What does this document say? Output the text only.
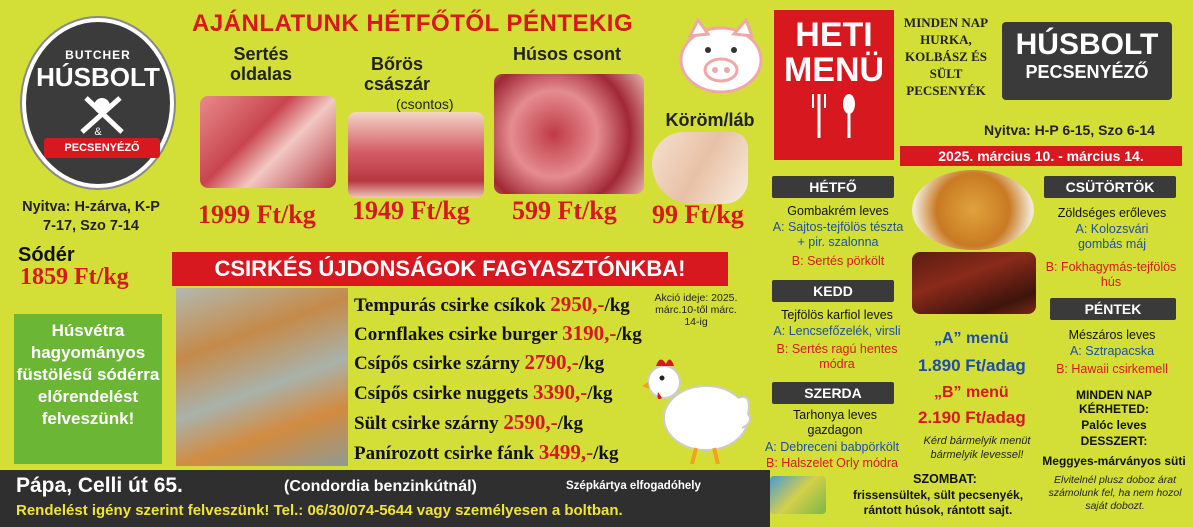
BUTCHER
HÚSBOLT
&
PECSENYÉZŐ
AJÁNLATUNK HÉTFŐTŐL PÉNTEKIG
Sertés oldalas	Bőrös császár
(csontos)
Húsos csont
Köröm/láb
1999 Ft/kg 1949 Ft/kg 599 Ft/kg 99 Ft/kg
Nyitva: H-zárva, K-P 7-17, Szo 7-14
Sódér
1859 Ft/kg
Húsvétra hagyományos füstölésű sódérra előrendelést felveszünk!
CSIRKÉS ÚJDONSÁGOK FAGYASZTÓNKBA!
Tempurás csirke csíkok 2950,-/kg
Cornflakes csirke burger 3190,-/kg
Csípős csirke szárny 2790,-/kg
Csípős csirke nuggets 3390,-/kg
Sült csirke szárny 2590,-/kg
Panírozott csirke fánk 3499,-/kg
Akció ideje: 2025. márc.10-től márc. 14-ig
Pápa, Celli út 65.	(Condordia benzinkútnál)	Szépkártya elfogadóhely
Rendelést igény szerint felveszünk! Tel.: 06/30/074-5644 vagy személyesen a boltban.
HETI
MENÜ
MINDEN NAP HURKA, KOLBÁSZ ÉS SÜLT PECSENYÉK
HÚSBOLT
PECSENYÉZŐ
Nyitva: H-P 6-15, Szo 6-14
2025. március 10. - március 14.
HÉTFŐ
Gombakrém leves
A: Sajtos-tejfölös tészta + pir. szalonna
B: Sertés pörkölt
KEDD
Tejfölös karfiol leves
A: Lencsefőzelék, virsli
B: Sertés ragú hentes módra
SZERDA
Tarhonya leves gazdagon
A: Debreceni babpörkölt
B: Halszelet Orly módra
CSÜTÖRTÖK
Zöldséges erőleves
A: Kolozsvári gombás máj
B: Fokhagymás-tejfölös hús
PÉNTEK
Mészáros leves
A: Sztrapacska
B: Hawaii csirkemell
„A” menü
1.890 Ft/adag
„B” menü
2.190 Ft/adag
Kérd bármelyik menüt bármelyik levessel!
MINDEN NAP KÉRHETED:
Palóc leves
DESSZERT:
Meggyes-márványos süti
Elvitelnél plusz doboz árat számolunk fel, ha nem hozol saját dobozt.
SZOMBAT:
frissensültek, sült pecsenyék, rántott húsok, rántott sajt.
